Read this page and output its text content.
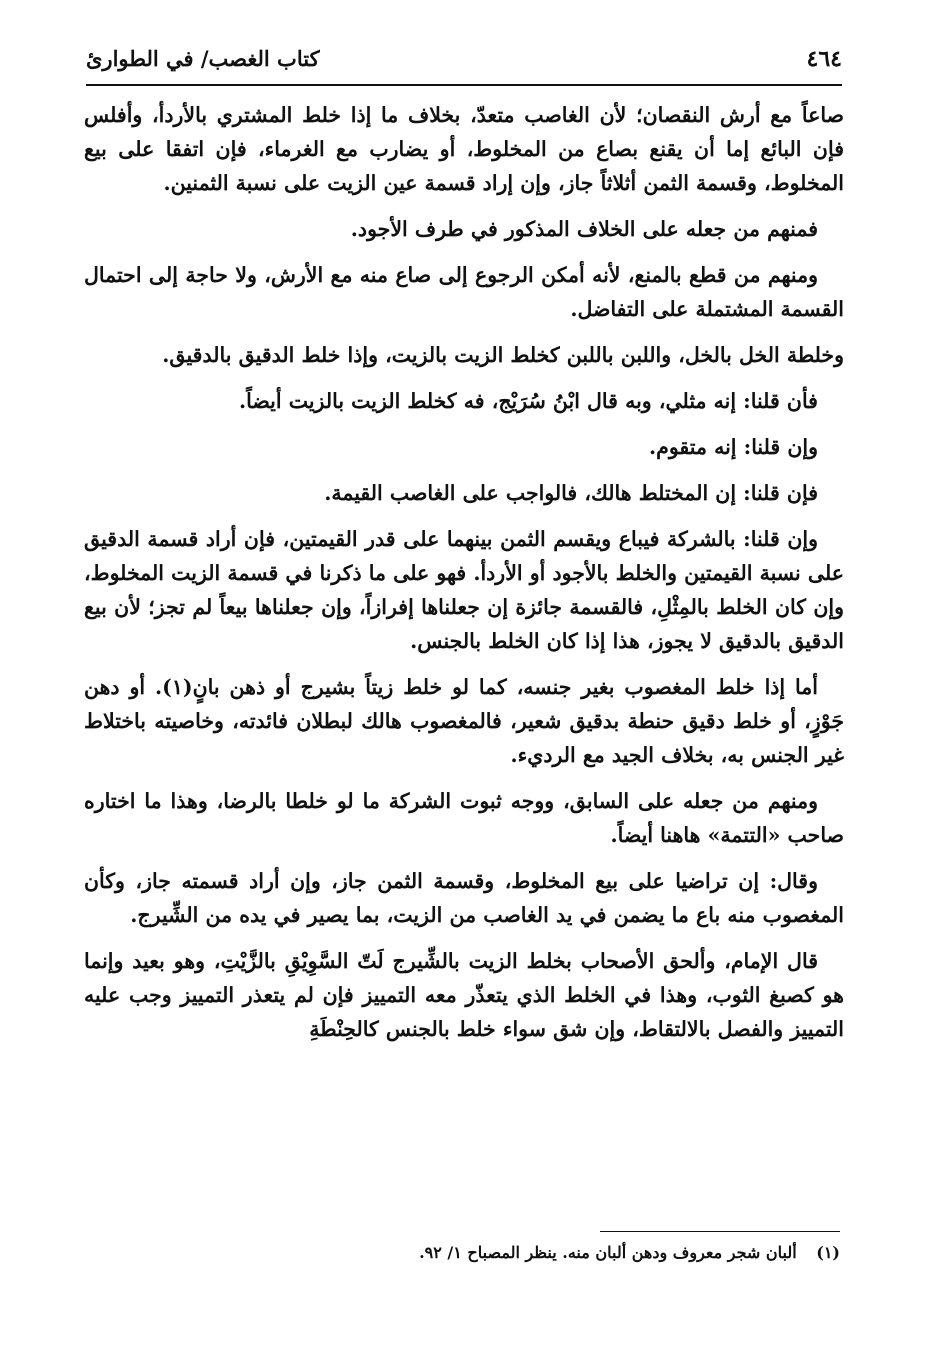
٤٦٤
كتاب الغصب/ في الطوارئ

صاعاً مع أرش النقصان؛ لأن الغاصب متعدّ، بخلاف ما إذا خلط المشتري بالأردأ، وأفلس فإن البائع إما أن يقنع بصاع من المخلوط، أو يضارب مع الغرماء، فإن اتفقا على بيع المخلوط، وقسمة الثمن أثلاثاً جاز، وإن إراد قسمة عين الزيت على نسبة الثمنين.

فمنهم من جعله على الخلاف المذكور في طرف الأجود.

ومنهم من قطع بالمنع، لأنه أمكن الرجوع إلى صاع منه مع الأرش، ولا حاجة إلى احتمال القسمة المشتملة على التفاضل.

وخلطة الخل بالخل، واللبن باللبن كخلط الزيت بالزيت، وإذا خلط الدقيق بالدقيق.

فأن قلنا: إنه مثلي، وبه قال ابْنُ سُرَيْج، فه كخلط الزيت بالزيت أيضاً.

وإن قلنا: إنه متقوم.

فإن قلنا: إن المختلط هالك، فالواجب على الغاصب القيمة.

وإن قلنا: بالشركة فيباع ويقسم الثمن بينهما على قدر القيمتين، فإن أراد قسمة الدقيق على نسبة القيمتين والخلط بالأجود أو الأردأ. فهو على ما ذكرنا في قسمة الزيت المخلوط، وإن كان الخلط بالمِثْلِ، فالقسمة جائزة إن جعلناها إفرازاً، وإن جعلناها بيعاً لم تجز؛ لأن بيع الدقيق بالدقيق لا يجوز، هذا إذا كان الخلط بالجنس.

أما إذا خلط المغصوب بغير جنسه، كما لو خلط زيتاً بشيرج أو ذهن بانٍ(١). أو دهن جَوْزٍ، أو خلط دقيق حنطة بدقيق شعير، فالمغصوب هالك لبطلان فائدته، وخاصيته باختلاط غير الجنس به، بخلاف الجيد مع الرديء.

ومنهم من جعله على السابق، ووجه ثبوت الشركة ما لو خلطا بالرضا، وهذا ما اختاره صاحب «التتمة» هاهنا أيضاً.

وقال: إن تراضيا على بيع المخلوط، وقسمة الثمن جاز، وإن أراد قسمته جاز، وكأن المغصوب منه باع ما يضمن في يد الغاصب من الزيت، بما يصير في يده من الشِّيرج.

قال الإمام، وألحق الأصحاب بخلط الزيت بالشِّيرج لَتّ السَّوِيْقِ بالزَّيْتِ، وهو بعيد وإنما هو كصبغ الثوب، وهذا في الخلط الذي يتعذّر معه التمييز فإن لم يتعذر التمييز وجب عليه التمييز والفصل بالالتقاط، وإن شق سواء خلط بالجنس كالحِنْطَةِ

(١) ألبان شجر معروف ودهن ألبان منه. ينظر المصباح ١/ ٩٢.
